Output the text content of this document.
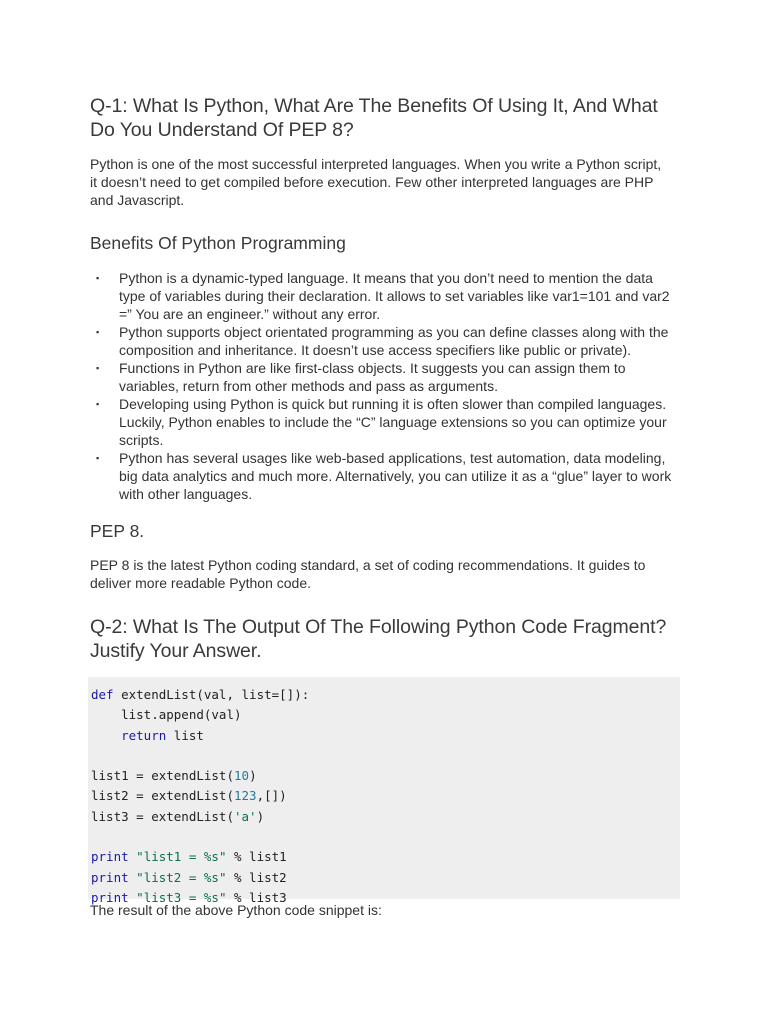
Q-1: What Is Python, What Are The Benefits Of Using It, And What Do You Understand Of PEP 8?

Python is one of the most successful interpreted languages. When you write a Python script, it doesn’t need to get compiled before execution. Few other interpreted languages are PHP and Javascript.

Benefits Of Python Programming
▪ Python is a dynamic-typed language. It means that you don’t need to mention the data type of variables during their declaration. It allows to set variables like var1=101 and var2 =” You are an engineer.” without any error.
▪ Python supports object orientated programming as you can define classes along with the composition and inheritance. It doesn’t use access specifiers like public or private).
▪ Functions in Python are like first-class objects. It suggests you can assign them to variables, return from other methods and pass as arguments.
▪ Developing using Python is quick but running it is often slower than compiled languages. Luckily, Python enables to include the “C” language extensions so you can optimize your scripts.
▪ Python has several usages like web-based applications, test automation, data modeling, big data analytics and much more. Alternatively, you can utilize it as a “glue” layer to work with other languages.
PEP 8.

PEP 8 is the latest Python coding standard, a set of coding recommendations. It guides to deliver more readable Python code.

Q-2: What Is The Output Of The Following Python Code Fragment? Justify Your Answer.

The result of the above Python code snippet is:

def extendList(val, list=[]):
list.append(val)
return list

list1 = extendList(10)
list2 = extendList(123,[])
list3 = extendList('a')

print "list1 = %s" % list1
print "list2 = %s" % list2
print "list3 = %s" % list3
